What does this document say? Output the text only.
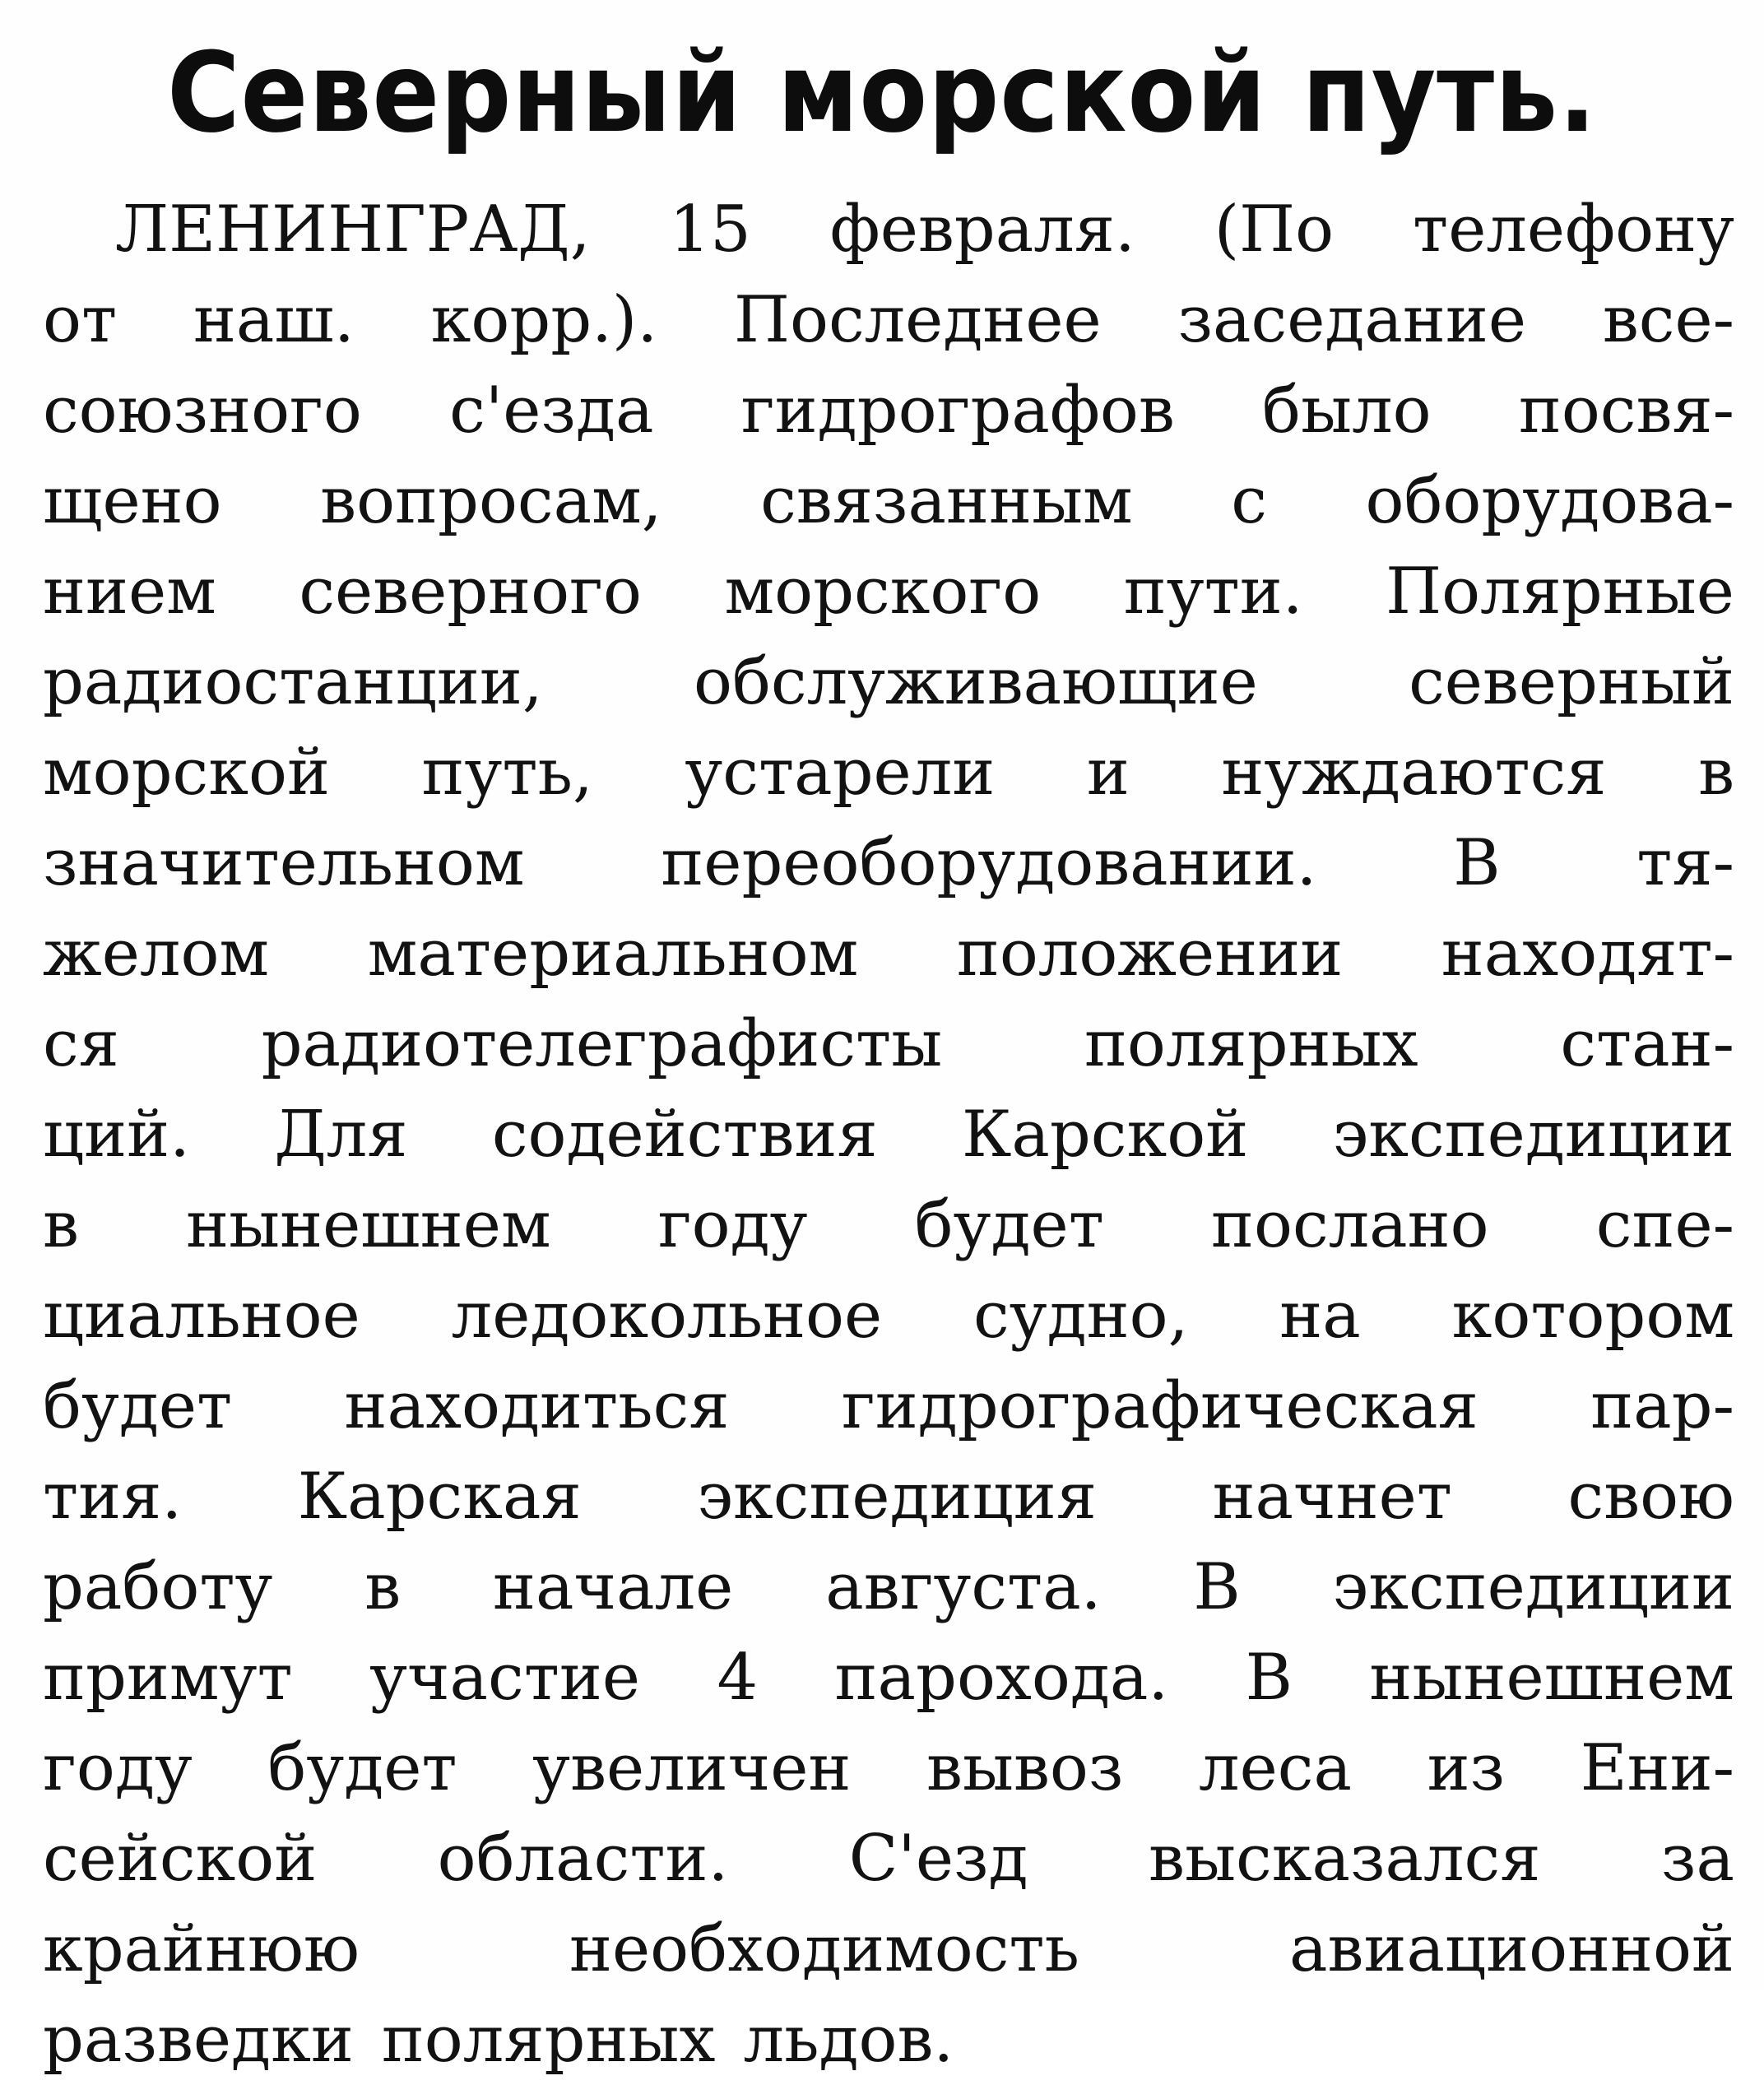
Северный морской путь.
ЛЕНИНГРАД, 15 февраля. (По телефону
от наш. корр.). Последнее заседание все-
союзного с'езда гидрографов было посвя-
щено вопросам, связанным с оборудова-
нием северного морского пути. Полярные
радиостанции, обслуживающие северный
морской путь, устарели и нуждаются в
значительном переоборудовании. В тя-
желом материальном положении находят-
ся радиотелеграфисты полярных стан-
ций. Для содействия Карской экспедиции
в нынешнем году будет послано спе-
циальное ледокольное судно, на котором
будет находиться гидрографическая пар-
тия. Карская экспедиция начнет свою
работу в начале августа. В экспедиции
примут участие 4 парохода. В нынешнем
году будет увеличен вывоз леса из Ени-
сейской области. С'езд высказался за
крайнюю	необходимость	авиационной
разведки полярных льдов.
